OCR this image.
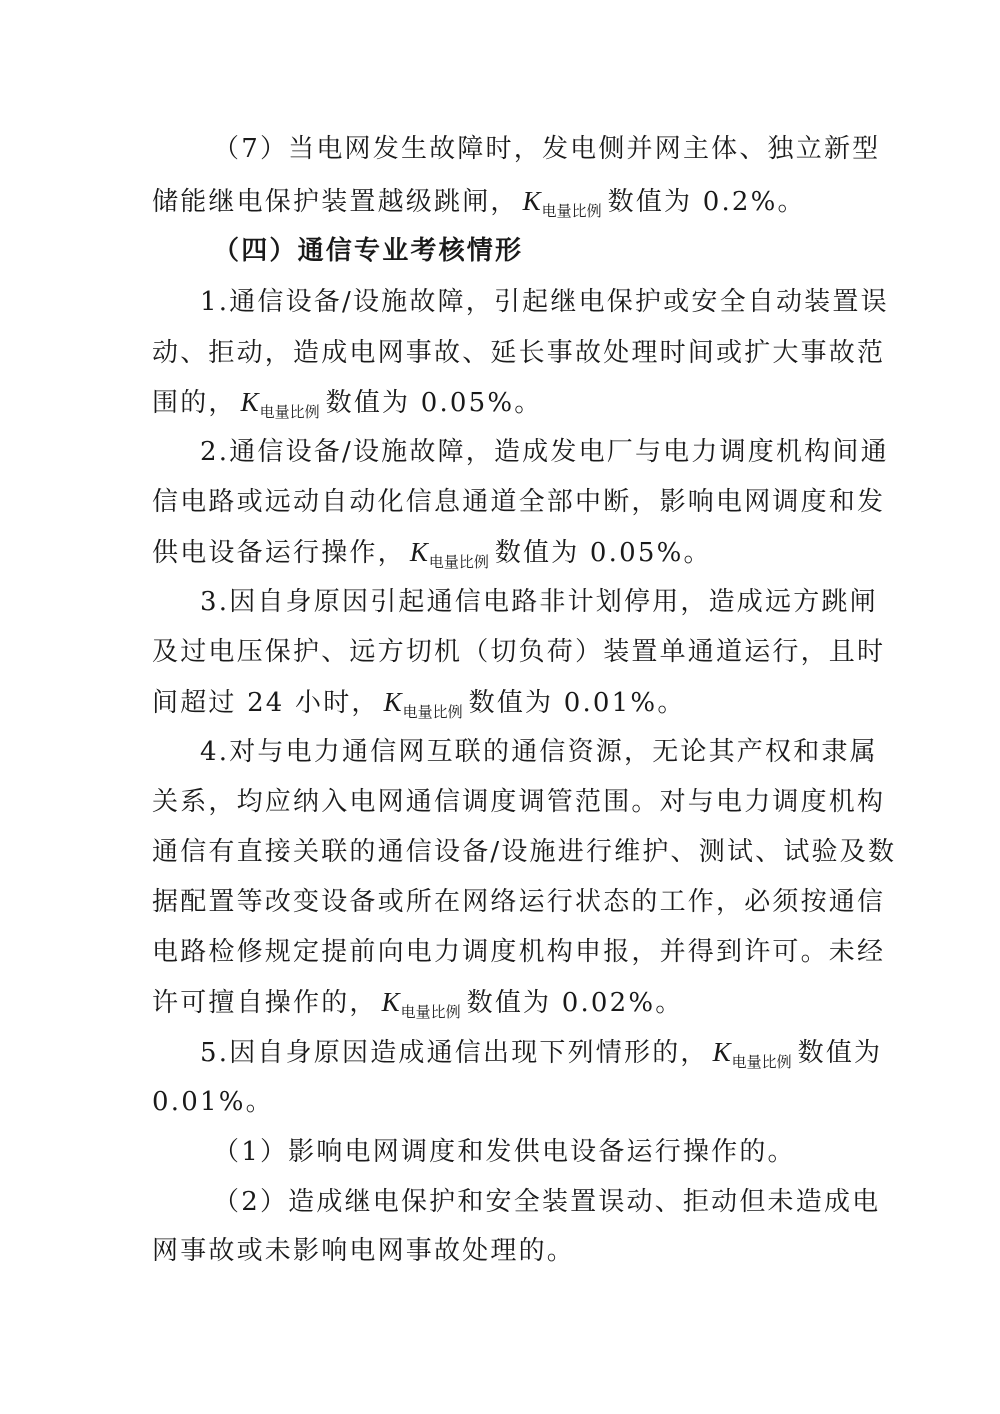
（7）当电网发生故障时，发电侧并网主体、独立新型
储能继电保护装置越级跳闸， $K_{电量比例}$ 数值为 0.2%。
（四）通信专业考核情形
1.通信设备/设施故障，引起继电保护或安全自动装置误
动、拒动，造成电网事故、延长事故处理时间或扩大事故范
围的， $K_{电量比例}$ 数值为 0.05%。
2.通信设备/设施故障，造成发电厂与电力调度机构间通
信电路或远动自动化信息通道全部中断，影响电网调度和发
供电设备运行操作， $K_{电量比例}$ 数值为 0.05%。
3.因自身原因引起通信电路非计划停用，造成远方跳闸
及过电压保护、远方切机（切负荷）装置单通道运行，且时
间超过 24 小时， $K_{电量比例}$ 数值为 0.01%。
4.对与电力通信网互联的通信资源，无论其产权和隶属
关系，均应纳入电网通信调度调管范围。对与电力调度机构
通信有直接关联的通信设备/设施进行维护、测试、试验及数
据配置等改变设备或所在网络运行状态的工作，必须按通信
电路检修规定提前向电力调度机构申报，并得到许可。未经
许可擅自操作的， $K_{电量比例}$ 数值为 0.02%。
5.因自身原因造成通信出现下列情形的， $K_{电量比例}$ 数值为
0.01%。
（1）影响电网调度和发供电设备运行操作的。
（2）造成继电保护和安全装置误动、拒动但未造成电
网事故或未影响电网事故处理的。
